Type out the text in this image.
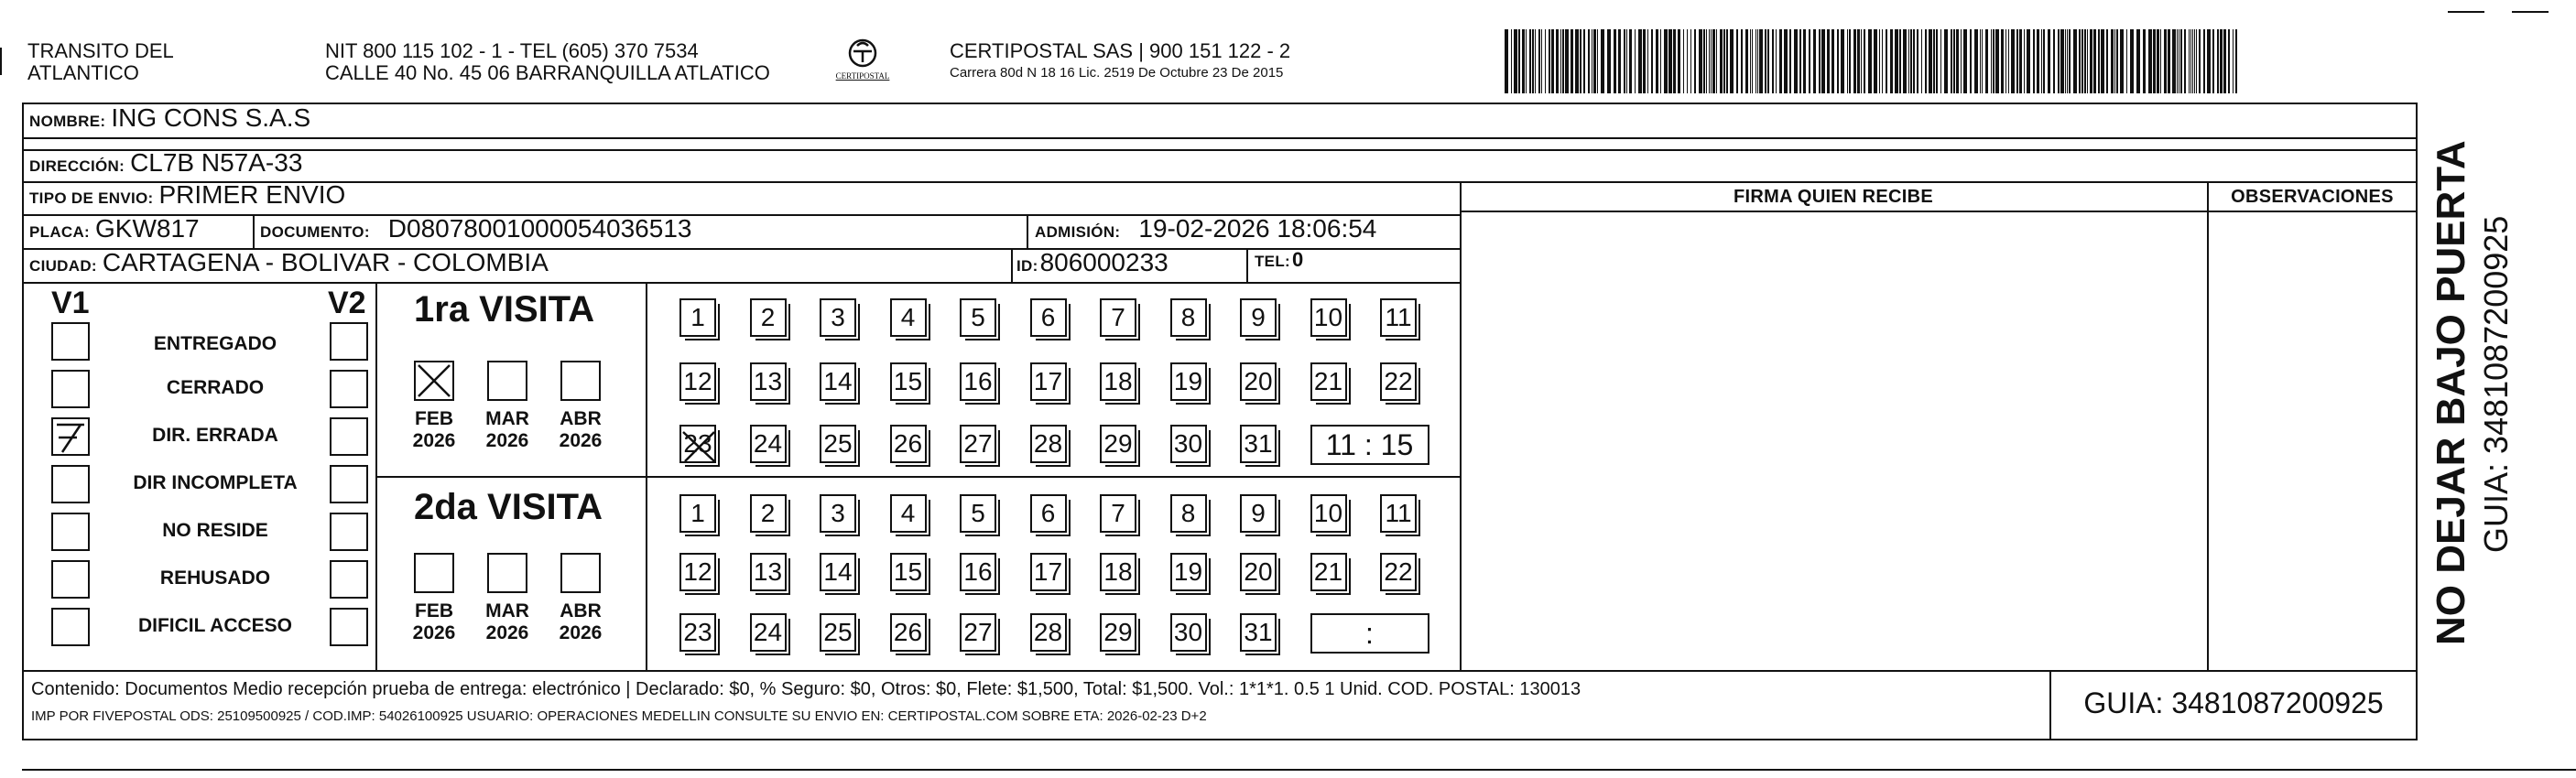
TRANSITO DEL
ATLANTICO
NIT 800 115 102 - 1 - TEL (605) 370 7534
CALLE 40 No. 45 06 BARRANQUILLA ATLATICO	CERTIPOSTAL
CERTIPOSTAL SAS | 900 151 122 - 2
Carrera 80d N 18 16 Lic. 2519 De Octubre 23 De 2015
NOMBRE: ING CONS S.A.S
DIRECCIÓN: CL7B N57A-33
TIPO DE ENVIO: PRIMER ENVIO
PLACA: GKW817	DOCUMENTO: D08078001000054036513	ADMISIÓN: 19-02-2026 18:06:54
CIUDAD: CARTAGENA - BOLIVAR - COLOMBIA	ID: 806000233	TEL: 0
FIRMA QUIEN RECIBE	OBSERVACIONES
V1	V2
ENTREGADO
CERRADO
DIR. ERRADA
DIR INCOMPLETA
NO RESIDE
REHUSADO
DIFICIL ACCESO
1ra VISITA
FEB
2026
MAR
2026
ABR
2026
1	2	3	4	5	6	7	8	9	10 11
12 13 14 15 16 17 18 19 20 21 22
23 24 25 26 27 28 29 30 31	11 : 15
2da VISITA
FEB
2026
MAR
2026
ABR
2026
1	2	3	4	5	6	7	8	9	10 11
12 13 14 15 16 17 18 19 20 21 22
23 24 25 26 27 28 29 30 31	:
Contenido: Documentos Medio recepción prueba de entrega: electrónico | Declarado: $0, % Seguro: $0, Otros: $0, Flete: $1,500, Total: $1,500. Vol.: 1*1*1. 0.5 1 Unid. COD. POSTAL: 130013
IMP POR FIVEPOSTAL ODS: 25109500925 / COD.IMP: 54026100925 USUARIO: OPERACIONES MEDELLIN CONSULTE SU ENVIO EN: CERTIPOSTAL.COM SOBRE ETA: 2026-02-23 D+2	GUIA: 3481087200925
NO DEJAR BAJO PUERTA GUIA: 3481087200925
